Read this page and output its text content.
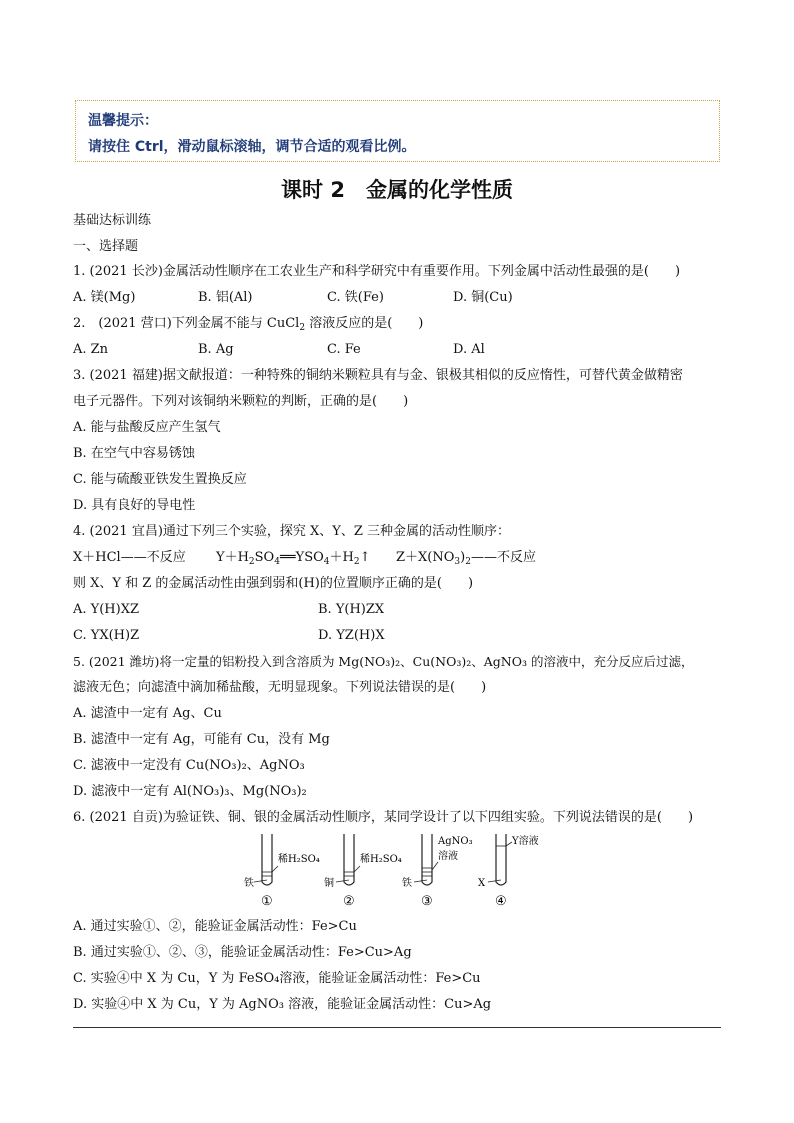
温馨提示：
请按住 Ctrl，滑动鼠标滚轴，调节合适的观看比例。
课时 2　金属的化学性质
基础达标训练
一、选择题
1. (2021 长沙)金属活动性顺序在工农业生产和科学研究中有重要作用。下列金属中活动性最强的是(　　)
A. 镁(Mg)	B. 铝(Al)	C. 铁(Fe)	D. 铜(Cu)
2.　(2021 营口)下列金属不能与 CuCl$_2$ 溶液反应的是(　　)
A. Zn	B. Ag	C. Fe	D. Al
3. (2021 福建)据文献报道：一种特殊的铜纳米颗粒具有与金、银极其相似的反应惰性，可替代黄金做精密
电子元器件。下列对该铜纳米颗粒的判断，正确的是(　　)
A. 能与盐酸反应产生氢气
B. 在空气中容易锈蚀
C. 能与硫酸亚铁发生置换反应
D. 具有良好的导电性
4. (2021 宜昌)通过下列三个实验，探究 X、Y、Z 三种金属的活动性顺序：
X＋HCl——不反应 $Y+H_2SO_4══YSO_4+H_2↑$ $Z+X(NO_3)_2——$不反应
则 X、Y 和 Z 的金属活动性由强到弱和(H)的位置顺序正确的是(　　)
A. Y(H)XZ	B. Y(H)ZX
C. YX(H)Z	D. YZ(H)X
5. (2021 潍坊)将一定量的铝粉投入到含溶质为 Mg(NO₃)₂、Cu(NO₃)₂、AgNO₃ 的溶液中，充分反应后过滤，
滤液无色；向滤渣中滴加稀盐酸，无明显现象。下列说法错误的是(　　)
A. 滤渣中一定有 Ag、Cu
B. 滤渣中一定有 Ag，可能有 Cu，没有 Mg
C. 滤液中一定没有 Cu(NO₃)₂、AgNO₃
D. 滤液中一定有 Al(NO₃)₃、Mg(NO₃)₂
6. (2021 自贡)为验证铁、铜、银的金属活动性顺序，某同学设计了以下四组实验。下列说法错误的是(　　)
稀H₂SO₄
铁
①
稀H₂SO₄
铜
②
AgNO₃
溶液
铁
③
Y溶液
X
④
A. 通过实验①、②，能验证金属活动性：Fe>Cu
B. 通过实验①、②、③，能验证金属活动性：Fe>Cu>Ag
C. 实验④中 X 为 Cu，Y 为 FeSO₄溶液，能验证金属活动性：Fe>Cu
D. 实验④中 X 为 Cu，Y 为 AgNO₃ 溶液，能验证金属活动性：Cu>Ag
